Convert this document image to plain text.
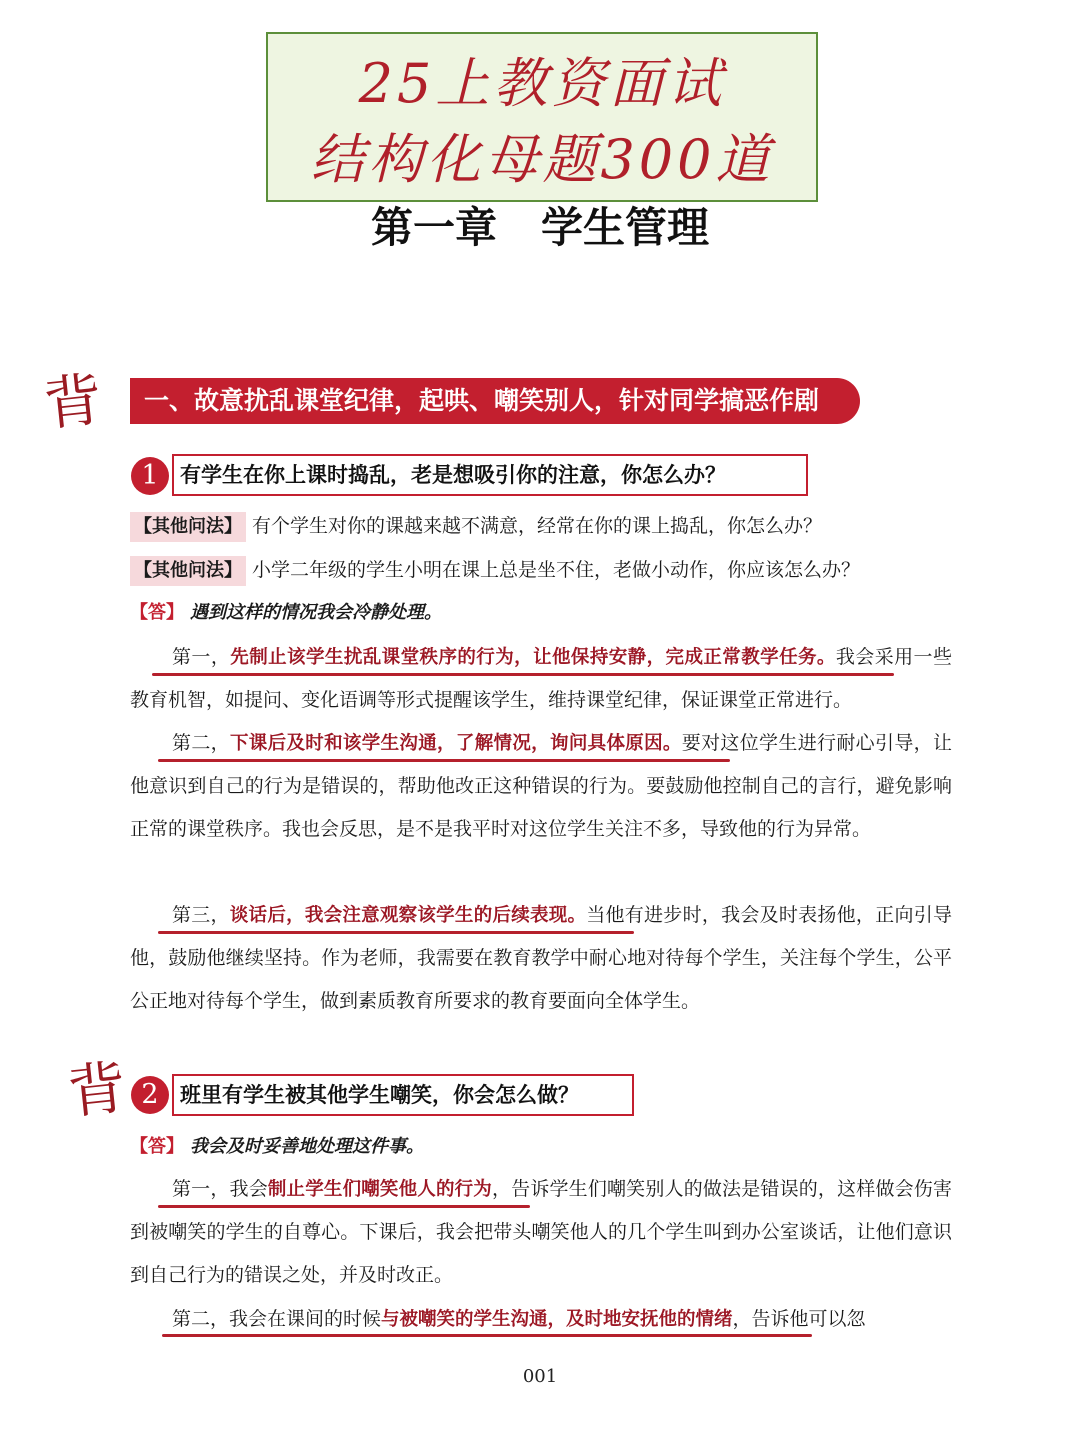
25上教资面试
结构化母题300道
第一章 学生管理
背
背
一、故意扰乱课堂纪律，起哄、嘲笑别人，针对同学搞恶作剧
1	有学生在你上课时捣乱，老是想吸引你的注意，你怎么办？
【其他问法】 有个学生对你的课越来越不满意，经常在你的课上捣乱，你怎么办？
【其他问法】 小学二年级的学生小明在课上总是坐不住，老做小动作，你应该怎么办？
【答】 遇到这样的情况我会冷静处理。
第一，先制止该学生扰乱课堂秩序的行为，让他保持安静，完成正常教学任务。我会采用一些教育机智，如提问、变化语调等形式提醒该学生，维持课堂纪律，保证课堂正常进行。
第二，下课后及时和该学生沟通，了解情况，询问具体原因。要对这位学生进行耐心引导，让他意识到自己的行为是错误的，帮助他改正这种错误的行为。要鼓励他控制自己的言行，避免影响正常的课堂秩序。我也会反思，是不是我平时对这位学生关注不多，导致他的行为异常。
第三，谈话后，我会注意观察该学生的后续表现。当他有进步时，我会及时表扬他，正向引导他，鼓励他继续坚持。作为老师，我需要在教育教学中耐心地对待每个学生，关注每个学生，公平公正地对待每个学生，做到素质教育所要求的教育要面向全体学生。
2	班里有学生被其他学生嘲笑，你会怎么做？
【答】 我会及时妥善地处理这件事。
第一，我会制止学生们嘲笑他人的行为，告诉学生们嘲笑别人的做法是错误的，这样做会伤害到被嘲笑的学生的自尊心。下课后，我会把带头嘲笑他人的几个学生叫到办公室谈话，让他们意识到自己行为的错误之处，并及时改正。
第二，我会在课间的时候与被嘲笑的学生沟通，及时地安抚他的情绪，告诉他可以忽
001
